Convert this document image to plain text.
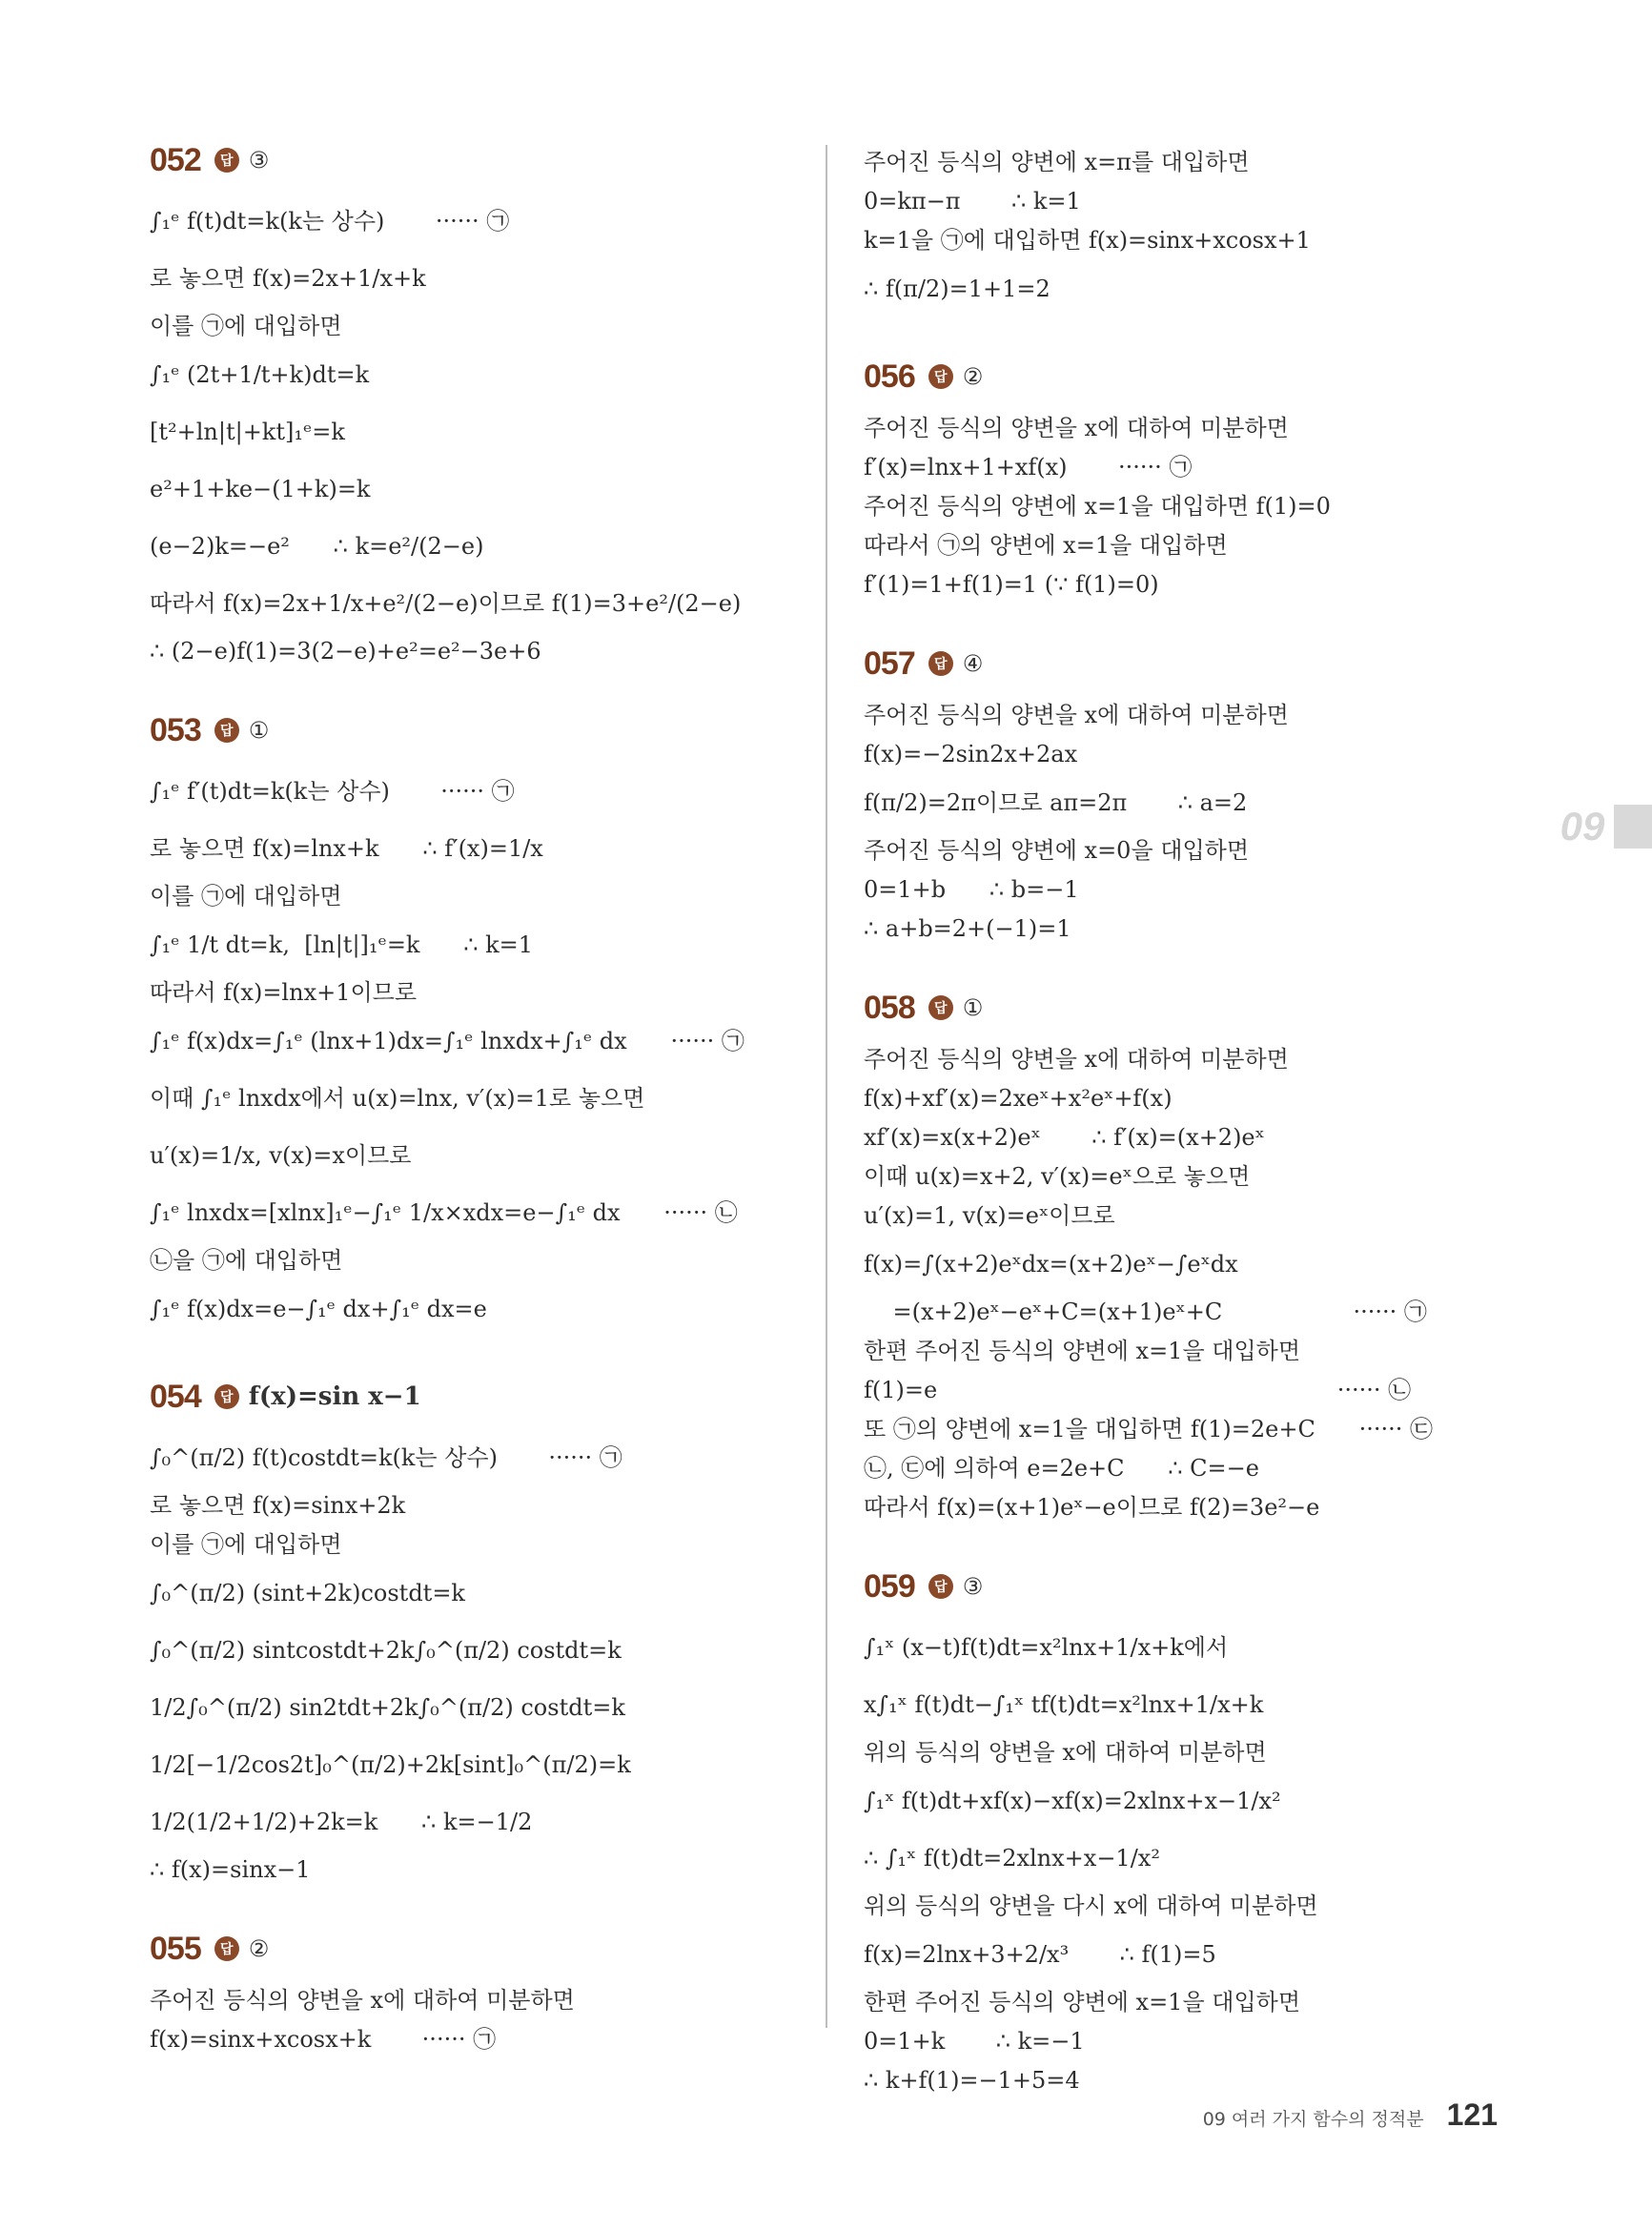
052	답 ③
∫₁ᵉ f(t)dt=k(k는 상수)       ······ ㉠
로 놓으면 f(x)=2x+1/x+k
이를 ㉠에 대입하면
∫₁ᵉ (2t+1/t+k)dt=k
[t²+ln|t|+kt]₁ᵉ=k
e²+1+ke−(1+k)=k
(e−2)k=−e²      ∴ k=e²/(2−e)
따라서 f(x)=2x+1/x+e²/(2−e)이므로 f(1)=3+e²/(2−e)
∴ (2−e)f(1)=3(2−e)+e²=e²−3e+6
053	답 ①
∫₁ᵉ f′(t)dt=k(k는 상수)       ······ ㉠
로 놓으면 f(x)=lnx+k      ∴ f′(x)=1/x
이를 ㉠에 대입하면
∫₁ᵉ 1/t dt=k,  [ln|t|]₁ᵉ=k      ∴ k=1
따라서 f(x)=lnx+1이므로
∫₁ᵉ f(x)dx=∫₁ᵉ (lnx+1)dx=∫₁ᵉ lnxdx+∫₁ᵉ dx      ······ ㉠
이때 ∫₁ᵉ lnxdx에서 u(x)=lnx, v′(x)=1로 놓으면
u′(x)=1/x, v(x)=x이므로
∫₁ᵉ lnxdx=[xlnx]₁ᵉ−∫₁ᵉ 1/x×xdx=e−∫₁ᵉ dx      ······ ㉡
㉡을 ㉠에 대입하면
∫₁ᵉ f(x)dx=e−∫₁ᵉ dx+∫₁ᵉ dx=e
054	답 f(x)=sin x−1
∫₀^(π/2) f(t)costdt=k(k는 상수)       ······ ㉠
로 놓으면 f(x)=sinx+2k
이를 ㉠에 대입하면
∫₀^(π/2) (sint+2k)costdt=k
∫₀^(π/2) sintcostdt+2k∫₀^(π/2) costdt=k
1/2∫₀^(π/2) sin2tdt+2k∫₀^(π/2) costdt=k
1/2[−1/2cos2t]₀^(π/2)+2k[sint]₀^(π/2)=k
1/2(1/2+1/2)+2k=k      ∴ k=−1/2
∴ f(x)=sinx−1
055	답 ②
주어진 등식의 양변을 x에 대하여 미분하면
f(x)=sinx+xcosx+k       ······ ㉠
주어진 등식의 양변에 x=π를 대입하면
0=kπ−π       ∴ k=1
k=1을 ㉠에 대입하면 f(x)=sinx+xcosx+1
∴ f(π/2)=1+1=2
056	답 ②
주어진 등식의 양변을 x에 대하여 미분하면
f′(x)=lnx+1+xf(x)       ······ ㉠
주어진 등식의 양변에 x=1을 대입하면 f(1)=0
따라서 ㉠의 양변에 x=1을 대입하면
f′(1)=1+f(1)=1 (∵ f(1)=0)
057	답 ④
주어진 등식의 양변을 x에 대하여 미분하면
f(x)=−2sin2x+2ax
f(π/2)=2π이므로 aπ=2π       ∴ a=2
주어진 등식의 양변에 x=0을 대입하면
0=1+b      ∴ b=−1
∴ a+b=2+(−1)=1
058	답 ①
주어진 등식의 양변을 x에 대하여 미분하면
f(x)+xf′(x)=2xeˣ+x²eˣ+f(x)
xf′(x)=x(x+2)eˣ       ∴ f′(x)=(x+2)eˣ
이때 u(x)=x+2, v′(x)=eˣ으로 놓으면
u′(x)=1, v(x)=eˣ이므로
f(x)=∫(x+2)eˣdx=(x+2)eˣ−∫eˣdx
=(x+2)eˣ−eˣ+C=(x+1)eˣ+C                  ······ ㉠
한편 주어진 등식의 양변에 x=1을 대입하면
f(1)=e                                                       ······ ㉡
또 ㉠의 양변에 x=1을 대입하면 f(1)=2e+C      ······ ㉢
㉡, ㉢에 의하여 e=2e+C      ∴ C=−e
따라서 f(x)=(x+1)eˣ−e이므로 f(2)=3e²−e
059	답 ③
∫₁ˣ (x−t)f(t)dt=x²lnx+1/x+k에서
x∫₁ˣ f(t)dt−∫₁ˣ tf(t)dt=x²lnx+1/x+k
위의 등식의 양변을 x에 대하여 미분하면
∫₁ˣ f(t)dt+xf(x)−xf(x)=2xlnx+x−1/x²
∴ ∫₁ˣ f(t)dt=2xlnx+x−1/x²
위의 등식의 양변을 다시 x에 대하여 미분하면
f(x)=2lnx+3+2/x³       ∴ f(1)=5
한편 주어진 등식의 양변에 x=1을 대입하면
0=1+k       ∴ k=−1
∴ k+f(1)=−1+5=4
09
09 여러 가지 함수의 정적분 121
